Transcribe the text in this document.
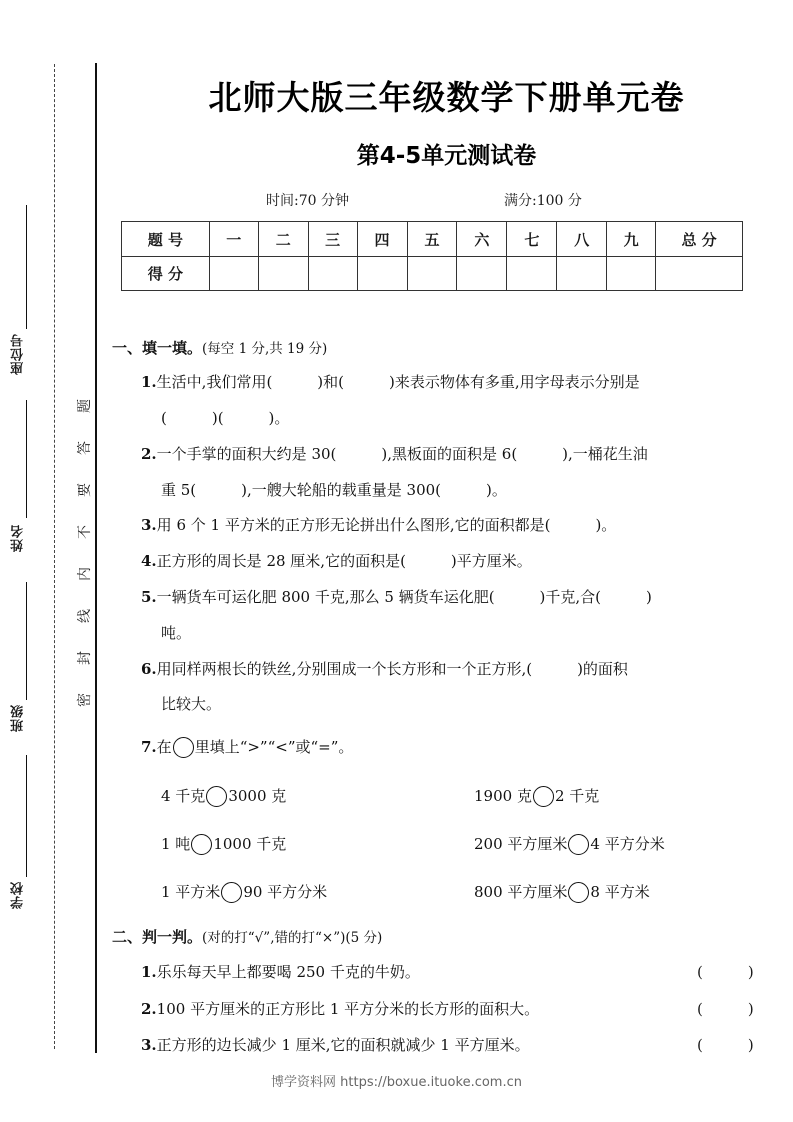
座位号
姓名
班级
学校
密
封
线
内
不
要
答
题
北师大版三年级数学下册单元卷
第4-5单元测试卷
时间:70 分钟	满分:100 分
题 号	一	二	三	四	五	六	七	八	九	总 分
得 分										
一、填一填。(每空 1 分,共 19 分)
1.生活中,我们常用(　　　)和(　　　)来表示物体有多重,用字母表示分别是
(　　　)(　　　)。
2.一个手掌的面积大约是 30(　　　),黑板面的面积是 6(　　　),一桶花生油
重 5(　　　),一艘大轮船的载重量是 300(　　　)。
3.用 6 个 1 平方米的正方形无论拼出什么图形,它的面积都是(　　　)。
4.正方形的周长是 28 厘米,它的面积是(　　　)平方厘米。
5.一辆货车可运化肥 800 千克,那么 5 辆货车运化肥(　　　)千克,合(　　　)
吨。
6.用同样两根长的铁丝,分别围成一个长方形和一个正方形,(　　　)的面积
比较大。
7.在 里填上“>”“<”或“=”。
4 千克 3000 克	1900 克 2 千克
1 吨 1000 千克	200 平方厘米 4 平方分米
1 平方米 90 平方分米	800 平方厘米 8 平方米
二、判一判。(对的打“√”,错的打“×”)(5 分)
1.乐乐每天早上都要喝 250 千克的牛奶。	(　　　)
2.100 平方厘米的正方形比 1 平方分米的长方形的面积大。	(　　　)
3.正方形的边长减少 1 厘米,它的面积就减少 1 平方厘米。	(　　　)
博学资料网 https://boxue.ituoke.com.cn
